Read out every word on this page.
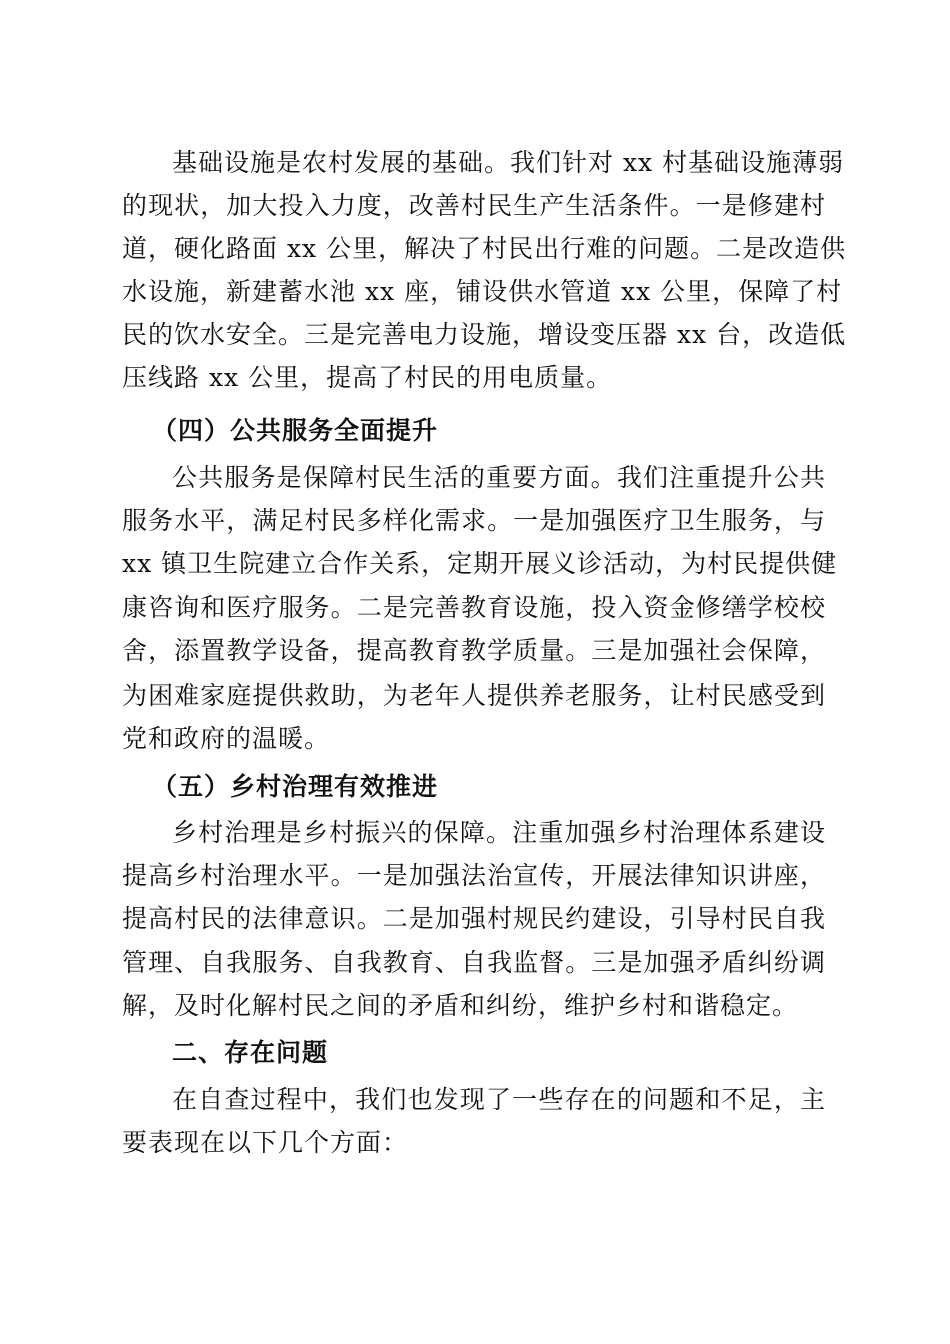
基础设施是农村发展的基础。我们针对 xx 村基础设施薄弱
的现状，加大投入力度，改善村民生产生活条件。一是修建村
道，硬化路面 xx 公里，解决了村民出行难的问题。二是改造供
水设施，新建蓄水池 xx 座，铺设供水管道 xx 公里，保障了村
民的饮水安全。三是完善电力设施，增设变压器 xx 台，改造低
压线路 xx 公里，提高了村民的用电质量。
（四）公共服务全面提升
公共服务是保障村民生活的重要方面。我们注重提升公共
服务水平，满足村民多样化需求。一是加强医疗卫生服务，与
xx 镇卫生院建立合作关系，定期开展义诊活动，为村民提供健
康咨询和医疗服务。二是完善教育设施，投入资金修缮学校校
舍，添置教学设备，提高教育教学质量。三是加强社会保障，
为困难家庭提供救助，为老年人提供养老服务，让村民感受到
党和政府的温暖。
（五）乡村治理有效推进
乡村治理是乡村振兴的保障。注重加强乡村治理体系建设
提高乡村治理水平。一是加强法治宣传，开展法律知识讲座，
提高村民的法律意识。二是加强村规民约建设，引导村民自我
管理、自我服务、自我教育、自我监督。三是加强矛盾纠纷调
解，及时化解村民之间的矛盾和纠纷，维护乡村和谐稳定。
二、存在问题
在自查过程中，我们也发现了一些存在的问题和不足，主
要表现在以下几个方面：
